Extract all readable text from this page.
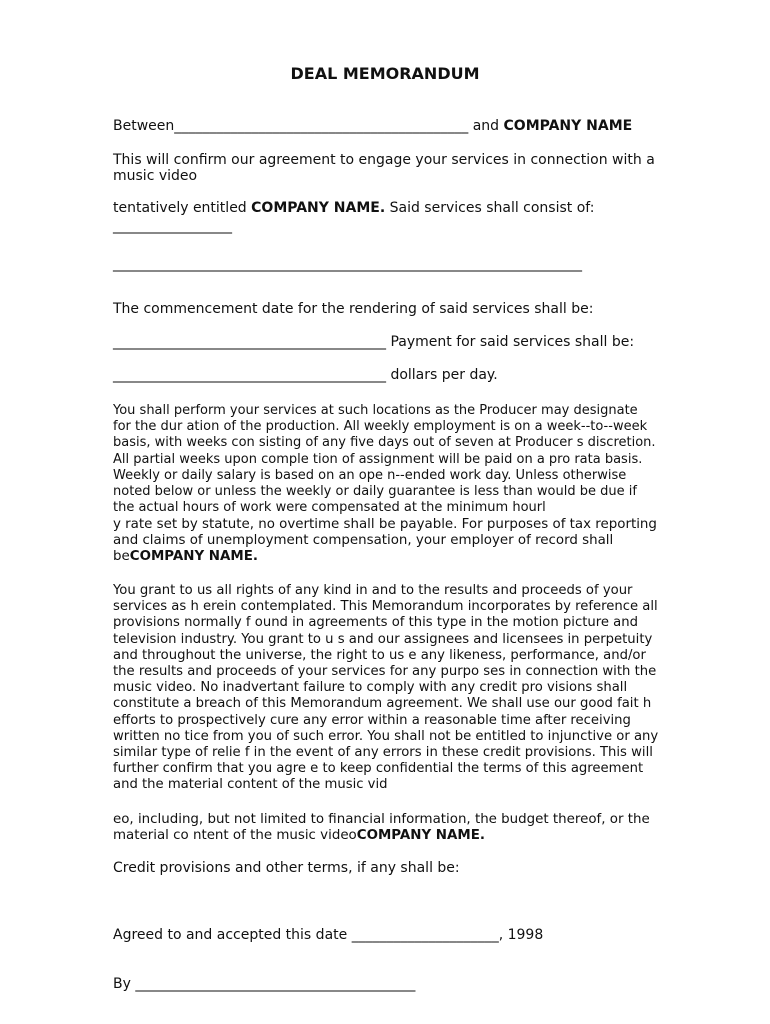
DEAL MEMORANDUM
Between__________________________________________ and COMPANY NAME
This will confirm our agreement to engage your services in connection with a
music video
tentatively entitled COMPANY NAME. Said services shall consist of:
_________________
___________________________________________________________________
The commencement date for the rendering of said services shall be:
_______________________________________ Payment for said services shall be:
_______________________________________ dollars per day.
You shall perform your services at such locations as the Producer may designate for the dur ation of the production. All weekly employment is on a week--to--week basis, with weeks con sisting of any five days out of seven at Producer s discretion. All partial weeks upon comple tion of assignment will be paid on a pro rata basis. Weekly or daily salary is based on an ope n--ended work day. Unless otherwise noted below or unless the weekly or daily guarantee is less than would be due if the actual hours of work were compensated at the minimum hourl
y rate set by statute, no overtime shall be payable. For purposes of tax reporting and claims of unemployment compensation, your employer of record shall beCOMPANY NAME.
You grant to us all rights of any kind in and to the results and proceeds of your services as h erein contemplated. This Memorandum incorporates by reference all provisions normally f ound in agreements of this type in the motion picture and television industry. You grant to u s and our assignees and licensees in perpetuity and throughout the universe, the right to us e any likeness, performance, and/or the results and proceeds of your services for any purpo ses in connection with the music video. No inadvertant failure to comply with any credit pro visions shall constitute a breach of this Memorandum agreement. We shall use our good fait h efforts to prospectively cure any error within a reasonable time after receiving written no tice from you of such error. You shall not be entitled to injunctive or any similar type of relie f in the event of any errors in these credit provisions. This will further confirm that you agre e to keep confidential the terms of this agreement and the material content of the music vid
eo, including, but not limited to financial information, the budget thereof, or the material co ntent of the music videoCOMPANY NAME.
Credit provisions and other terms, if any shall be:
Agreed to and accepted this date _____________________, 1998
By ________________________________________
